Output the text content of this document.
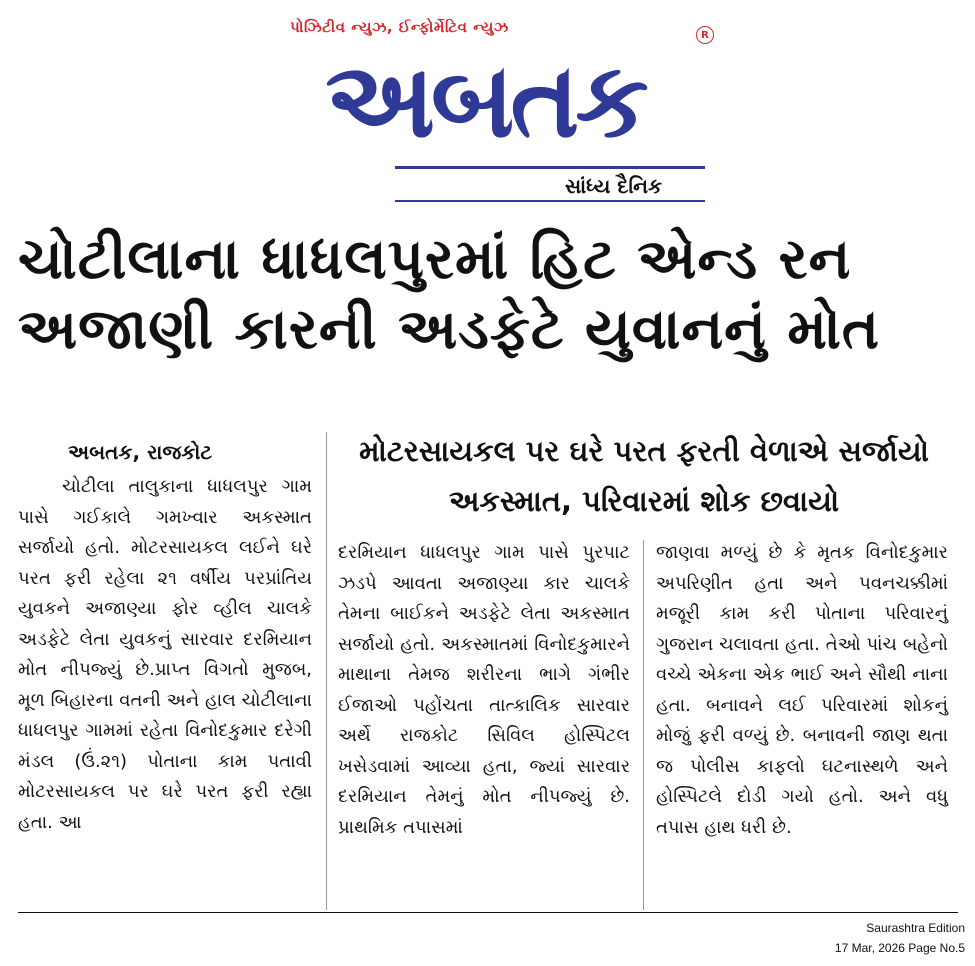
પોઝિટીવ ન્યુઝ, ઈન્ફોર્મેટિવ ન્યુઝ	R
અબતક
સાંધ્ય દૈનિક
ચોટીલાના ધાધલપુરમાં હિટ એન્ડ રન અજાણી કારની અડફેટે યુવાનનું મોત
અબતક, રાજકોટ	મોટરસાયકલ પર ઘરે પરત ફરતી વેળાએ સર્જાયો અકસ્માત, પરિવારમાં શોક છવાયો

ચોટીલા તાલુકાના ધાધલપુર ગામ પાસે ગઈકાલે ગમખ્વાર અકસ્માત સર્જાયો હતો. મોટરસાયકલ લઈને ઘરે પરત ફરી રહેલા ૨૧ વર્ષીય પરપ્રાંતિય યુવકને અજાણ્યા ફોર વ્હીલ ચાલકે અડફેટે લેતા યુવકનું સારવાર દરમિયાન મોત નીપજ્યું છે.પ્રાપ્ત વિગતો મુજબ, મૂળ બિહારના વતની અને હાલ ચોટીલાના ધાધલપુર ગામમાં રહેતા વિનોદકુમાર દરેગી મંડલ (ઉં.૨૧) પોતાના કામ પતાવી મોટરસાયકલ પર ઘરે પરત ફરી રહ્યા હતા. આ

દરમિયાન ધાધલપુર ગામ પાસે પુરપાટ ઝડપે આવતા અજાણ્યા કાર ચાલકે તેમના બાઈકને અડફેટે લેતા અકસ્માત સર્જાયો હતો. અકસ્માતમાં વિનોદકુમારને માથાના તેમજ શરીરના ભાગે ગંભીર ઈજાઓ પહોંચતા તાત્કાલિક સારવાર અર્થે રાજકોટ સિવિલ હોસ્પિટલ ખસેડવામાં આવ્યા હતા, જ્યાં સારવાર દરમિયાન તેમનું મોત નીપજ્યું છે. પ્રાથમિક તપાસમાં

જાણવા મળ્યું છે કે મૃતક વિનોદકુમાર અપરિણીત હતા અને પવનચક્કીમાં મજૂરી કામ કરી પોતાના પરિવારનું ગુજરાન ચલાવતા હતા. તેઓ પાંચ બહેનો વચ્ચે એકના એક ભાઈ અને સૌથી નાના હતા. બનાવને લઈ પરિવારમાં શોકનું મોજું ફરી વળ્યું છે. બનાવની જાણ થતા જ પોલીસ કાફલો ઘટનાસ્થળે અને હોસ્પિટલે દોડી ગયો હતો. અને વધુ તપાસ હાથ ધરી છે.

Saurashtra Edition
17 Mar, 2026 Page No.5
